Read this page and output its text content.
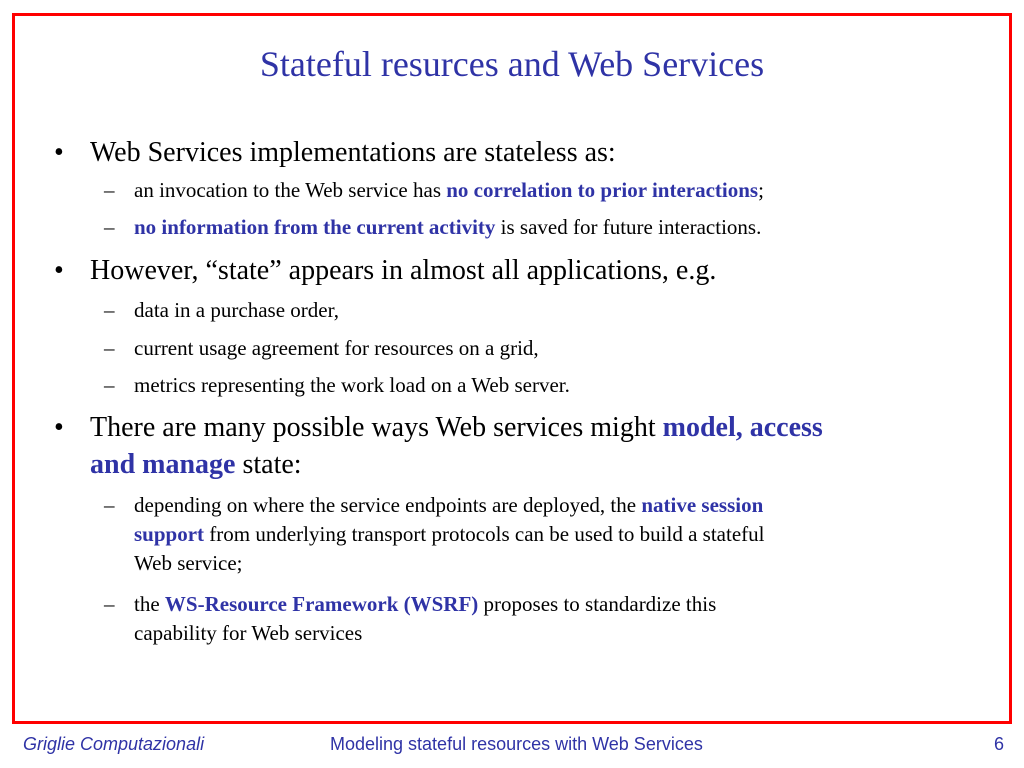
Stateful resurces and Web Services
• Web Services implementations are stateless as:
– an invocation to the Web service has no correlation to prior interactions;
– no information from the current activity is saved for future interactions.
• However, “state” appears in almost all applications, e.g.
– data in a purchase order,
– current usage agreement for resources on a grid,
– metrics representing the work load on a Web server.
• There are many possible ways Web services might model, access
and manage state:
– depending on where the service endpoints are deployed, the native session
support from underlying transport protocols can be used to build a stateful
Web service;
– the WS-Resource Framework (WSRF) proposes to standardize this
capability for Web services
Griglie Computazionali	Modeling stateful resources with Web Services	6
